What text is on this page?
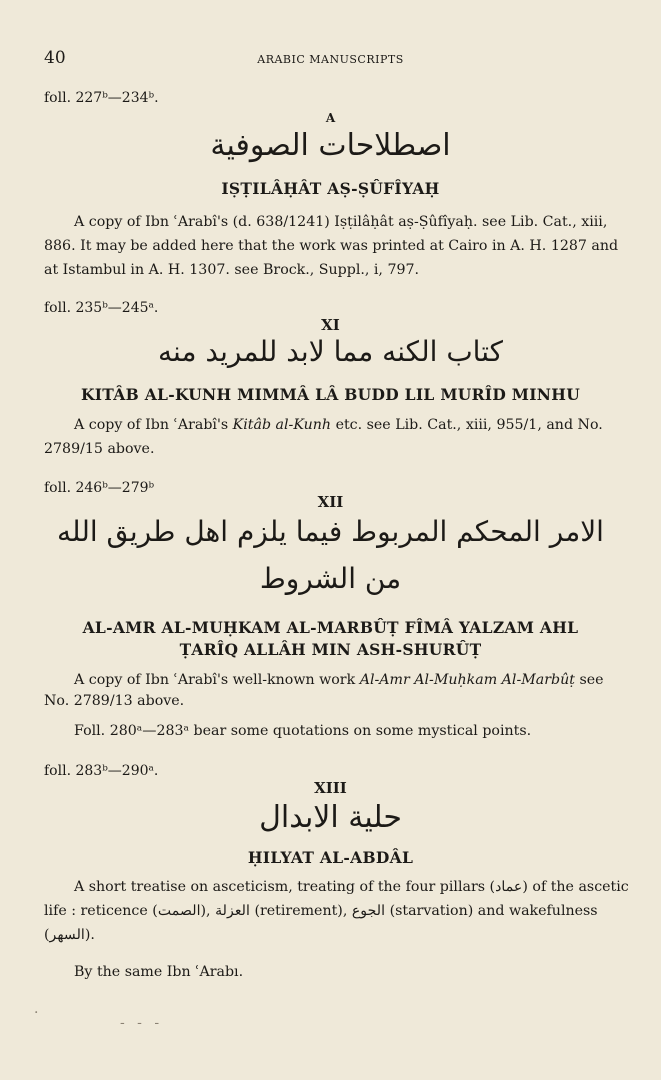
40	ARABIC MANUSCRIPTS
foll. 227ᵇ—234ᵇ.
A
اصطلاحات الصوفية
IṢṬILÂḤÂT AṢ-ṢÛFÎYAḤ
A copy of Ibn ʿArabî's (d. 638/1241) Iṣṭilâḥât aṣ-Ṣûfîyaḥ. see Lib. Cat., xiii, 886. It may be added here that the work was printed at Cairo in A. H. 1287 and at Istambul in A. H. 1307. see Brock., Suppl., i, 797.
foll. 235ᵇ—245ᵃ.
XI
كتاب الكنه مما لابد للمريد منه
KITÂB AL-KUNH MIMMÂ LÂ BUDD LIL MURÎD MINHU
A copy of Ibn ʿArabî's Kitâb al-Kunh etc. see Lib. Cat., xiii, 955/1, and No. 2789/15 above.
foll. 246ᵇ—279ᵇ
XII
الامر المحكم المربوط فيما يلزم اهل طريق الله
من الشروط
AL-AMR AL-MUḤKAM AL-MARBÛṬ FÎMÂ YALZAM AHL
ṬARÎQ ALLÂH MIN ASH-SHURÛṬ
A copy of Ibn ʿArabî's well-known work Al-Amr Al-Muḥkam Al-Marbûṭ see No. 2789/13 above.
Foll. 280ᵃ—283ᵃ bear some quotations on some mystical points.
foll. 283ᵇ—290ᵃ.
XIII
حلية الابدال
ḤILYAT AL-ABDÂL
A short treatise on asceticism, treating of the four pillars (عماد) of the ascetic life : reticence (الصمت), العزلة (retirement), الجوع (starvation) and wakefulness (السهر).
By the same Ibn ʿArabı.
·
‐ ‐ ‐
